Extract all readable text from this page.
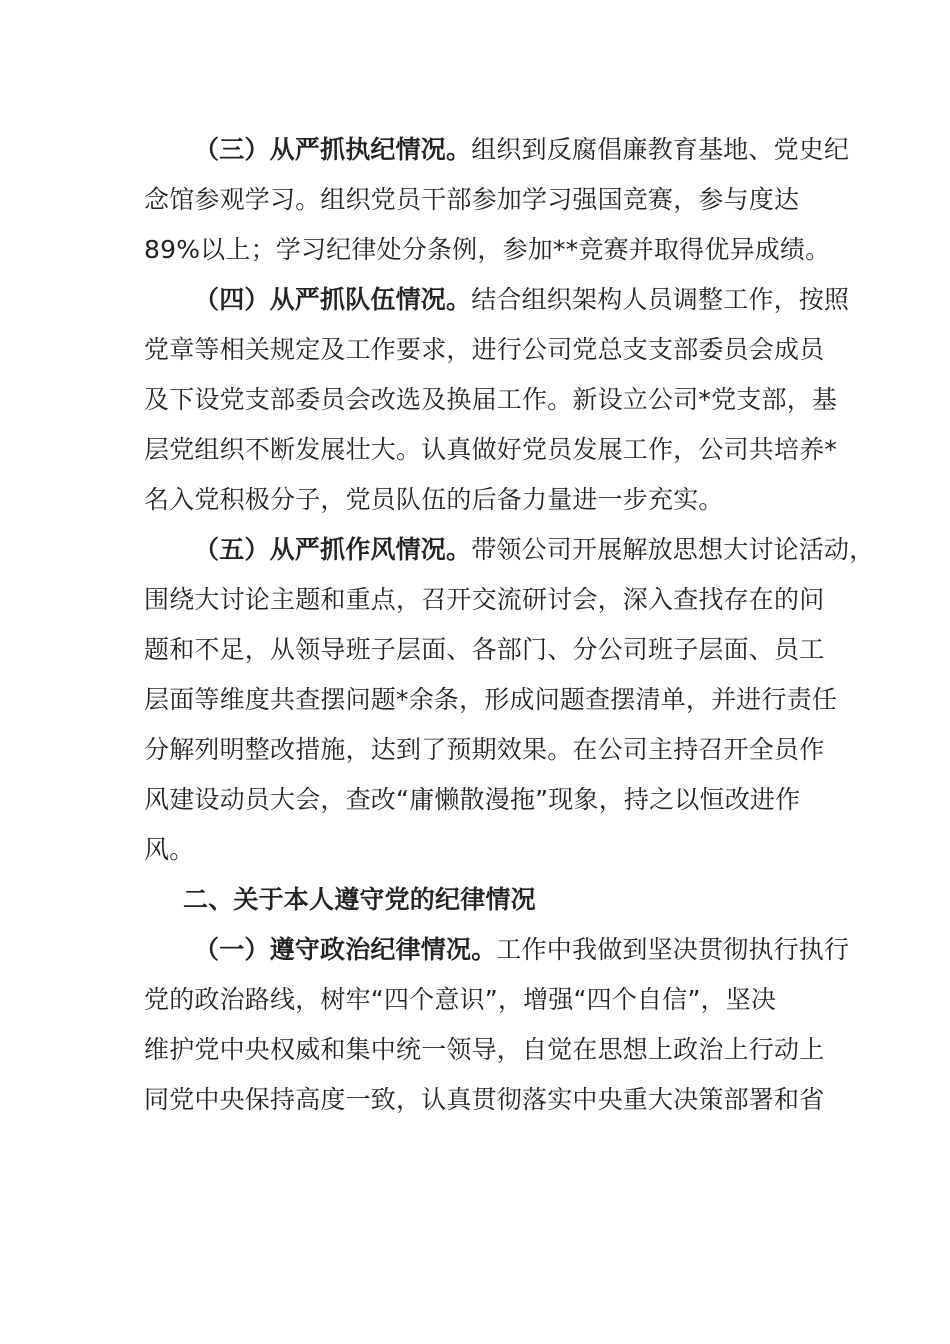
（三）从严抓执纪情况。组织到反腐倡廉教育基地、党史纪
念馆参观学习。组织党员干部参加学习强国竞赛，参与度达
89%以上；学习纪律处分条例，参加**竞赛并取得优异成绩。
（四）从严抓队伍情况。结合组织架构人员调整工作，按照
党章等相关规定及工作要求，进行公司党总支支部委员会成员
及下设党支部委员会改选及换届工作。新设立公司*党支部，基
层党组织不断发展壮大。认真做好党员发展工作，公司共培养*
名入党积极分子，党员队伍的后备力量进一步充实。
（五）从严抓作风情况。带领公司开展解放思想大讨论活动，
围绕大讨论主题和重点，召开交流研讨会，深入查找存在的问
题和不足，从领导班子层面、各部门、分公司班子层面、员工
层面等维度共查摆问题*余条，形成问题查摆清单，并进行责任
分解列明整改措施，达到了预期效果。在公司主持召开全员作
风建设动员大会，查改“庸懒散漫拖”现象，持之以恒改进作
风。
二、关于本人遵守党的纪律情况
（一）遵守政治纪律情况。工作中我做到坚决贯彻执行执行
党的政治路线，树牢“四个意识”，增强“四个自信”，坚决
维护党中央权威和集中统一领导，自觉在思想上政治上行动上
同党中央保持高度一致，认真贯彻落实中央重大决策部署和省
